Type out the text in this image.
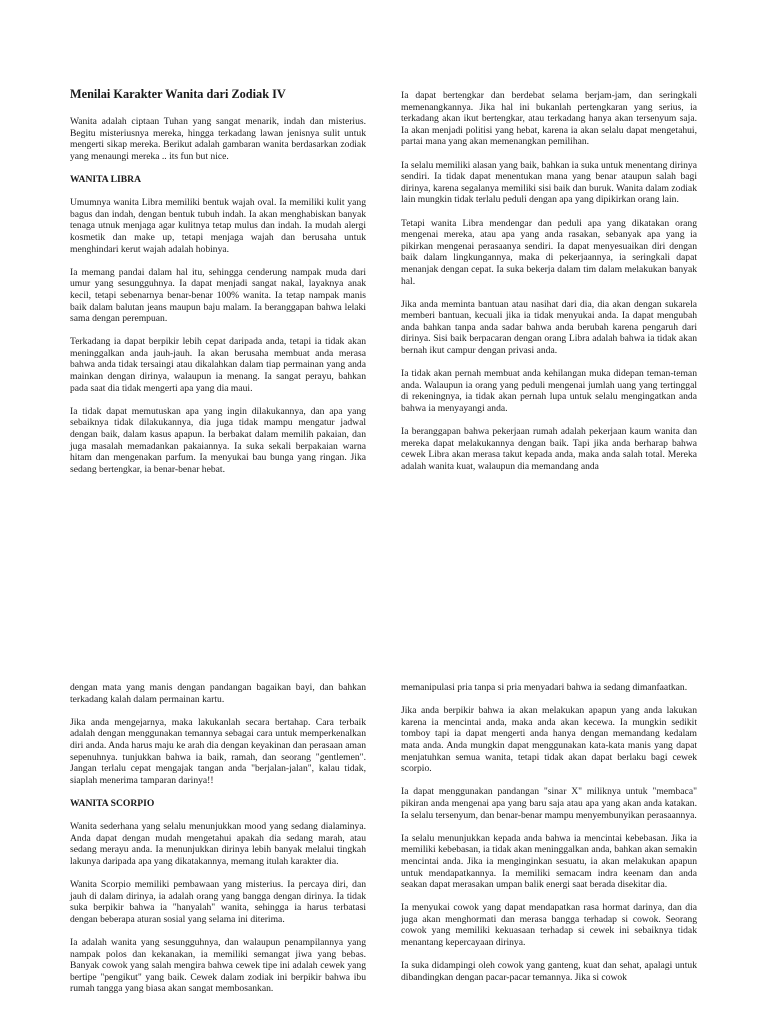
Menilai Karakter Wanita dari Zodiak IV

Wanita adalah ciptaan Tuhan yang sangat menarik, indah dan misterius. Begitu misteriusnya mereka, hingga terkadang lawan jenisnya sulit untuk mengerti sikap mereka. Berikut adalah gambaran wanita berdasarkan zodiak yang menaungi mereka .. its fun but nice.

WANITA LIBRA

Umumnya wanita Libra memiliki bentuk wajah oval. Ia memiliki kulit yang bagus dan indah, dengan bentuk tubuh indah. Ia akan menghabiskan banyak tenaga utnuk menjaga agar kulitnya tetap mulus dan indah. Ia mudah alergi kosmetik dan make up, tetapi menjaga wajah dan berusaha untuk menghindari kerut wajah adalah hobinya.

Ia memang pandai dalam hal itu, sehingga cenderung nampak muda dari umur yang sesungguhnya. Ia dapat menjadi sangat nakal, layaknya anak kecil, tetapi sebenarnya benar-benar 100% wanita. Ia tetap nampak manis baik dalam balutan jeans maupun baju malam. Ia beranggapan bahwa lelaki sama dengan perempuan.

Terkadang ia dapat berpikir lebih cepat daripada anda, tetapi ia tidak akan meninggalkan anda jauh-jauh. Ia akan berusaha membuat anda merasa bahwa anda tidak tersaingi atau dikalahkan dalam tiap permainan yang anda mainkan dengan dirinya, walaupun ia menang. Ia sangat perayu, bahkan pada saat dia tidak mengerti apa yang dia maui.

Ia tidak dapat memutuskan apa yang ingin dilakukannya, dan apa yang sebaiknya tidak dilakukannya, dia juga tidak mampu mengatur jadwal dengan baik, dalam kasus apapun. Ia berbakat dalam memilih pakaian, dan juga masalah memadankan pakaiannya. Ia suka sekali berpakaian warna hitam dan mengenakan parfum. Ia menyukai bau bunga yang ringan. Jika sedang bertengkar, ia benar-benar hebat.

Ia dapat bertengkar dan berdebat selama berjam-jam, dan seringkali memenangkannya. Jika hal ini bukanlah pertengkaran yang serius, ia terkadang akan ikut bertengkar, atau terkadang hanya akan tersenyum saja. Ia akan menjadi politisi yang hebat, karena ia akan selalu dapat mengetahui, partai mana yang akan memenangkan pemilihan.

Ia selalu memiliki alasan yang baik, bahkan ia suka untuk menentang dirinya sendiri. Ia tidak dapat menentukan mana yang benar ataupun salah bagi dirinya, karena segalanya memiliki sisi baik dan buruk. Wanita dalam zodiak lain mungkin tidak terlalu peduli dengan apa yang dipikirkan orang lain.

Tetapi wanita Libra mendengar dan peduli apa yang dikatakan orang mengenai mereka, atau apa yang anda rasakan, sebanyak apa yang ia pikirkan mengenai perasaanya sendiri. Ia dapat menyesuaikan diri dengan baik dalam lingkungannya, maka di pekerjaannya, ia seringkali dapat menanjak dengan cepat. Ia suka bekerja dalam tim dalam melakukan banyak hal.

Jika anda meminta bantuan atau nasihat dari dia, dia akan dengan sukarela memberi bantuan, kecuali jika ia tidak menyukai anda. Ia dapat mengubah anda bahkan tanpa anda sadar bahwa anda berubah karena pengaruh dari dirinya. Sisi baik berpacaran dengan orang Libra adalah bahwa ia tidak akan bernah ikut campur dengan privasi anda.

Ia tidak akan pernah membuat anda kehilangan muka didepan teman-teman anda. Walaupun ia orang yang peduli mengenai jumlah uang yang tertinggal di rekeningnya, ia tidak akan pernah lupa untuk selalu mengingatkan anda bahwa ia menyayangi anda.

Ia beranggapan bahwa pekerjaan rumah adalah pekerjaan kaum wanita dan mereka dapat melakukannya dengan baik. Tapi jika anda berharap bahwa cewek Libra akan merasa takut kepada anda, maka anda salah total. Mereka adalah wanita kuat, walaupun dia memandang anda

dengan mata yang manis dengan pandangan bagaikan bayi, dan bahkan terkadang kalah dalam permainan kartu.

Jika anda mengejarnya, maka lakukanlah secara bertahap. Cara terbaik adalah dengan menggunakan temannya sebagai cara untuk memperkenalkan diri anda. Anda harus maju ke arah dia dengan keyakinan dan perasaan aman sepenuhnya. tunjukkan bahwa ia baik, ramah, dan seorang "gentlemen". Jangan terlalu cepat mengajak tangan anda "berjalan-jalan", kalau tidak, siaplah menerima tamparan darinya!!

WANITA SCORPIO

Wanita sederhana yang selalu menunjukkan mood yang sedang dialaminya. Anda dapat dengan mudah mengetahui apakah dia sedang marah, atau sedang merayu anda. Ia menunjukkan dirinya lebih banyak melalui tingkah lakunya daripada apa yang dikatakannya, memang itulah karakter dia.

Wanita Scorpio memiliki pembawaan yang misterius. Ia percaya diri, dan jauh di dalam dirinya, ia adalah orang yang bangga dengan dirinya. Ia tidak suka berpikir bahwa ia "hanyalah" wanita, sehingga ia harus terbatasi dengan beberapa aturan sosial yang selama ini diterima.

Ia adalah wanita yang sesungguhnya, dan walaupun penampilannya yang nampak polos dan kekanakan, ia memiliki semangat jiwa yang bebas. Banyak cowok yang salah mengira bahwa cewek tipe ini adalah cewek yang bertipe "pengikut" yang baik. Cewek dalam zodiak ini berpikir bahwa ibu rumah tangga yang biasa akan sangat membosankan.

memanipulasi pria tanpa si pria menyadari bahwa ia sedang dimanfaatkan.

Jika anda berpikir bahwa ia akan melakukan apapun yang anda lakukan karena ia mencintai anda, maka anda akan kecewa. Ia mungkin sedikit tomboy tapi ia dapat mengerti anda hanya dengan memandang kedalam mata anda. Anda mungkin dapat menggunakan kata-kata manis yang dapat menjatuhkan semua wanita, tetapi tidak akan dapat berlaku bagi cewek scorpio.

Ia dapat menggunakan pandangan "sinar X" miliknya untuk "membaca" pikiran anda mengenai apa yang baru saja atau apa yang akan anda katakan. Ia selalu tersenyum, dan benar-benar mampu menyembunyikan perasaannya.

Ia selalu menunjukkan kepada anda bahwa ia mencintai kebebasan. Jika ia memiliki kebebasan, ia tidak akan meninggalkan anda, bahkan akan semakin mencintai anda. Jika ia menginginkan sesuatu, ia akan melakukan apapun untuk mendapatkannya. Ia memiliki semacam indra keenam dan anda seakan dapat merasakan umpan balik energi saat berada disekitar dia.

Ia menyukai cowok yang dapat mendapatkan rasa hormat darinya, dan dia juga akan menghormati dan merasa bangga terhadap si cowok. Seorang cowok yang memiliki kekuasaan terhadap si cewek ini sebaiknya tidak menantang kepercayaan dirinya.

Ia suka didampingi oleh cowok yang ganteng, kuat dan sehat, apalagi untuk dibandingkan dengan pacar-pacar temannya. Jika si cowok
